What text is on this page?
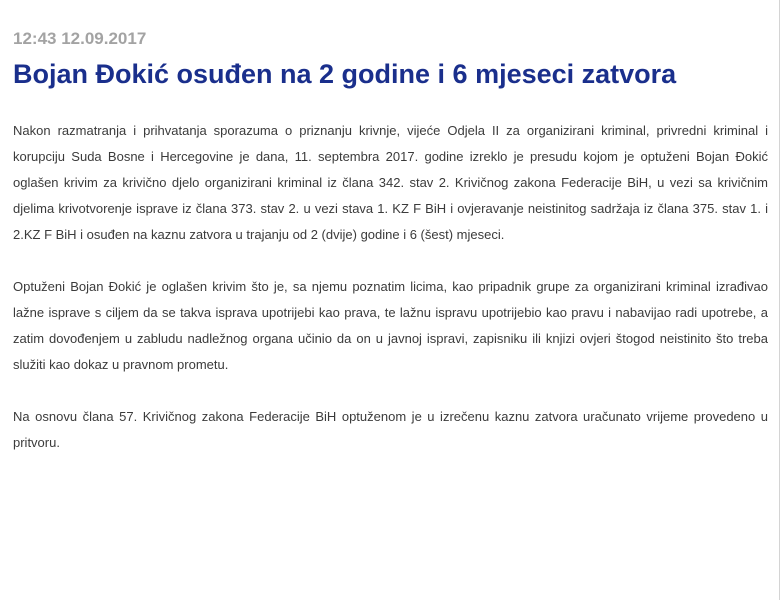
12:43 12.09.2017
Bojan Đokić osuđen na 2 godine i 6 mjeseci zatvora

Nakon razmatranja i prihvatanja sporazuma o priznanju krivnje, vijeće Odjela II za organizirani kriminal, privredni kriminal i korupciju Suda Bosne i Hercegovine je dana, 11. septembra 2017. godine izreklo je presudu kojom je optuženi Bojan Đokić oglašen krivim za krivično djelo organizirani kriminal iz člana 342. stav 2. Krivičnog zakona Federacije BiH, u vezi sa krivičnim djelima krivotvorenje isprave iz člana 373. stav 2. u vezi stava 1. KZ F BiH i ovjeravanje neistinitog sadržaja iz člana 375. stav 1. i 2.KZ F BiH i osuđen na kaznu zatvora u trajanju od 2 (dvije) godine i 6 (šest) mjeseci.

Optuženi Bojan Đokić je oglašen krivim što je, sa njemu poznatim licima, kao pripadnik grupe za organizirani kriminal izrađivao lažne isprave s ciljem da se takva isprava upotrijebi kao prava, te lažnu ispravu upotrijebio kao pravu i nabavijao radi upotrebe, a zatim dovođenjem u zabludu nadležnog organa učinio da on u javnoj ispravi, zapisniku ili knjizi ovjeri štogod neistinito što treba služiti kao dokaz u pravnom prometu.

Na osnovu člana 57. Krivičnog zakona Federacije BiH optuženom je u izrečenu kaznu zatvora uračunato vrijeme provedeno u pritvoru.
